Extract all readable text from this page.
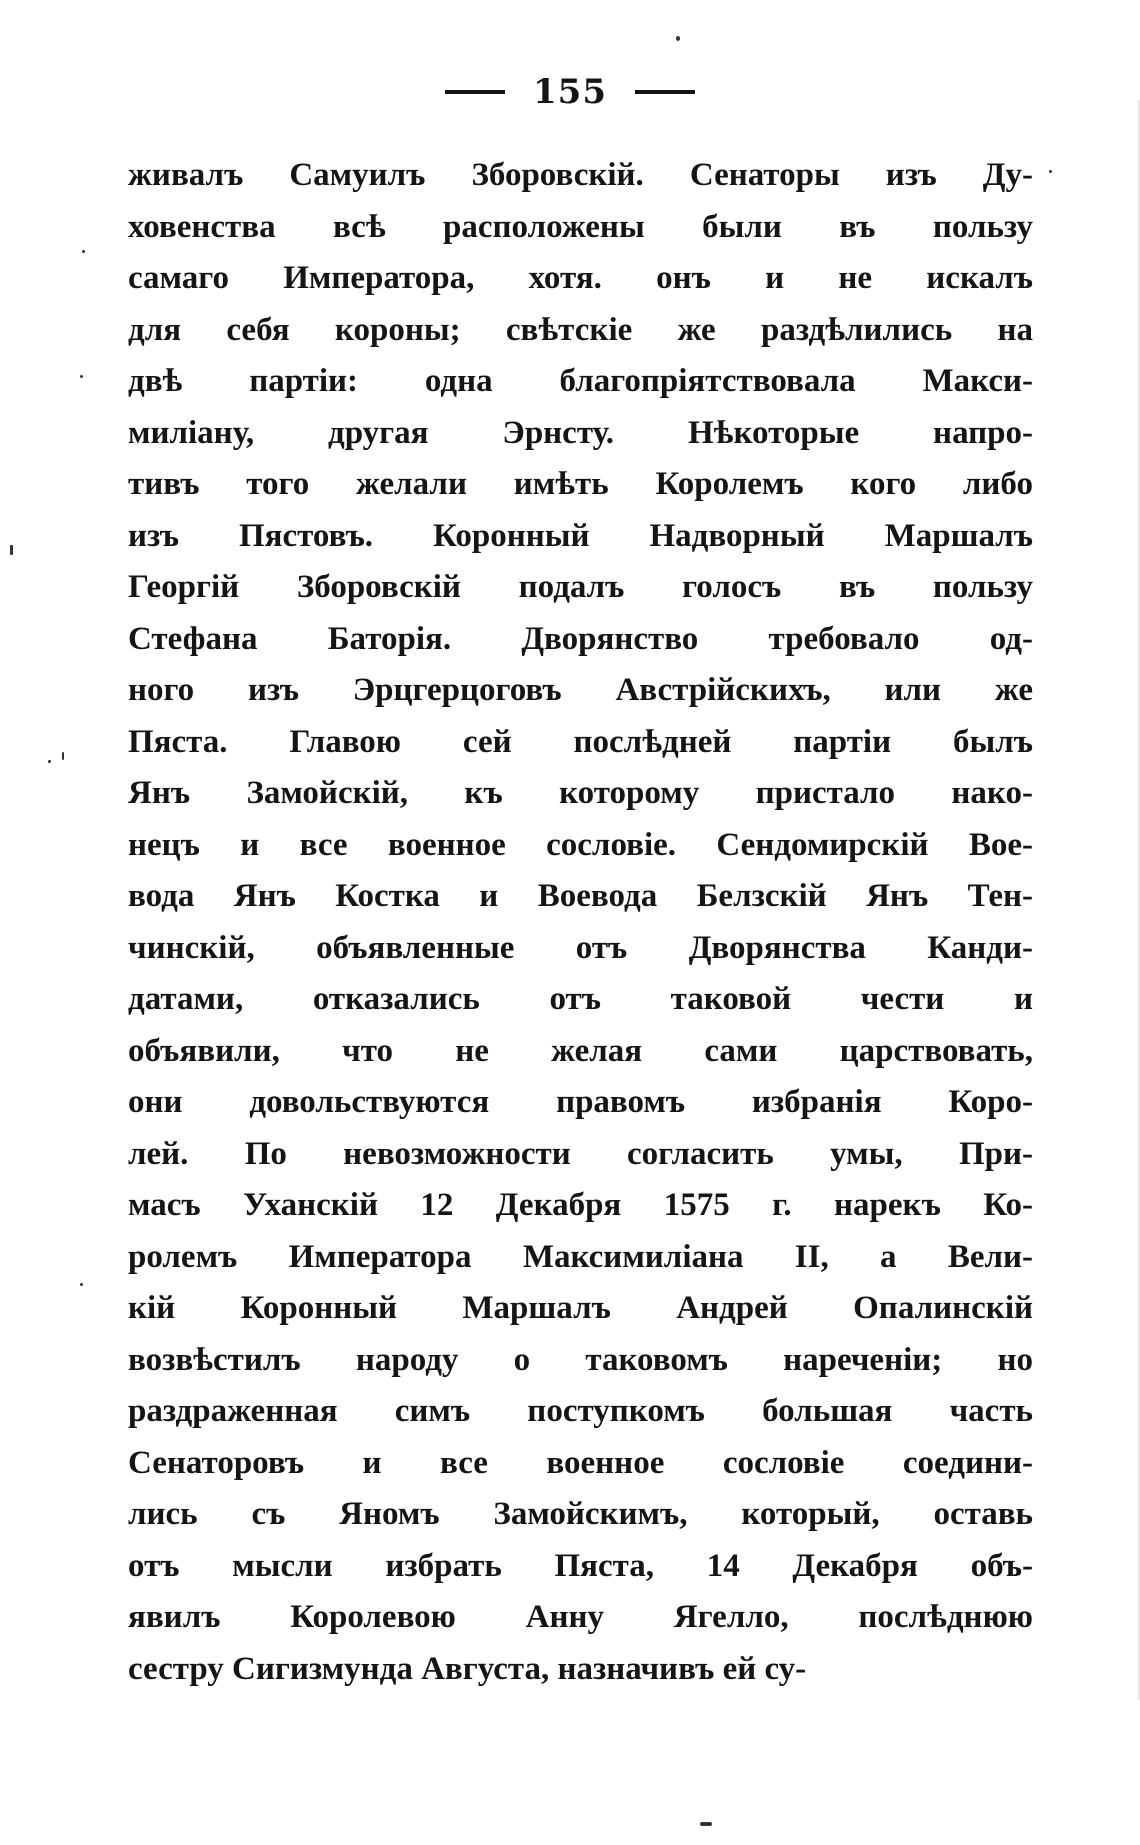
155
живалъ Самуилъ Зборовскій. Сенаторы изъ Ду-
ховенства всѣ расположены были въ пользу
самаго Императора, хотя. онъ и не искалъ
для себя короны; свѣтскіе же раздѣлились на
двѣ партіи: одна благопріятствовала Макси-
миліану, другая Эрнсту. Нѣкоторые напро-
тивъ того желали имѣть Королемъ кого либо
изъ Пястовъ. Коронный Надворный Маршалъ
Георгій Зборовскій подалъ голосъ въ пользу
Стефана Баторія. Дворянство требовало од-
ного изъ Эрцгерцоговъ Австрійскихъ, или же
Пяста. Главою сей послѣдней партіи былъ
Янъ Замойскій, къ которому пристало нако-
нецъ и все военное сословіе. Сендомирскій Вое-
вода Янъ Костка и Воевода Белзскій Янъ Тен-
чинскій, объявленные отъ Дворянства Канди-
датами, отказались отъ таковой чести и
объявили, что не желая сами царствовать,
они довольствуются правомъ избранія Коро-
лей. По невозможности согласить умы, При-
масъ Уханскій 12 Декабря 1575 г. нарекъ Ко-
ролемъ Императора Максимиліана II, а Вели-
кій Коронный Маршалъ Андрей Опалинскій
возвѣстилъ народу о таковомъ нареченіи; но
раздраженная симъ поступкомъ большая часть
Сенаторовъ и все военное сословіе соедини-
лись съ Яномъ Замойскимъ, который, оставь
отъ мысли избрать Пяста, 14 Декабря объ-
явилъ Королевою Анну Ягелло, послѣднюю
сестру Сигизмунда Августа, назначивъ ей су-
